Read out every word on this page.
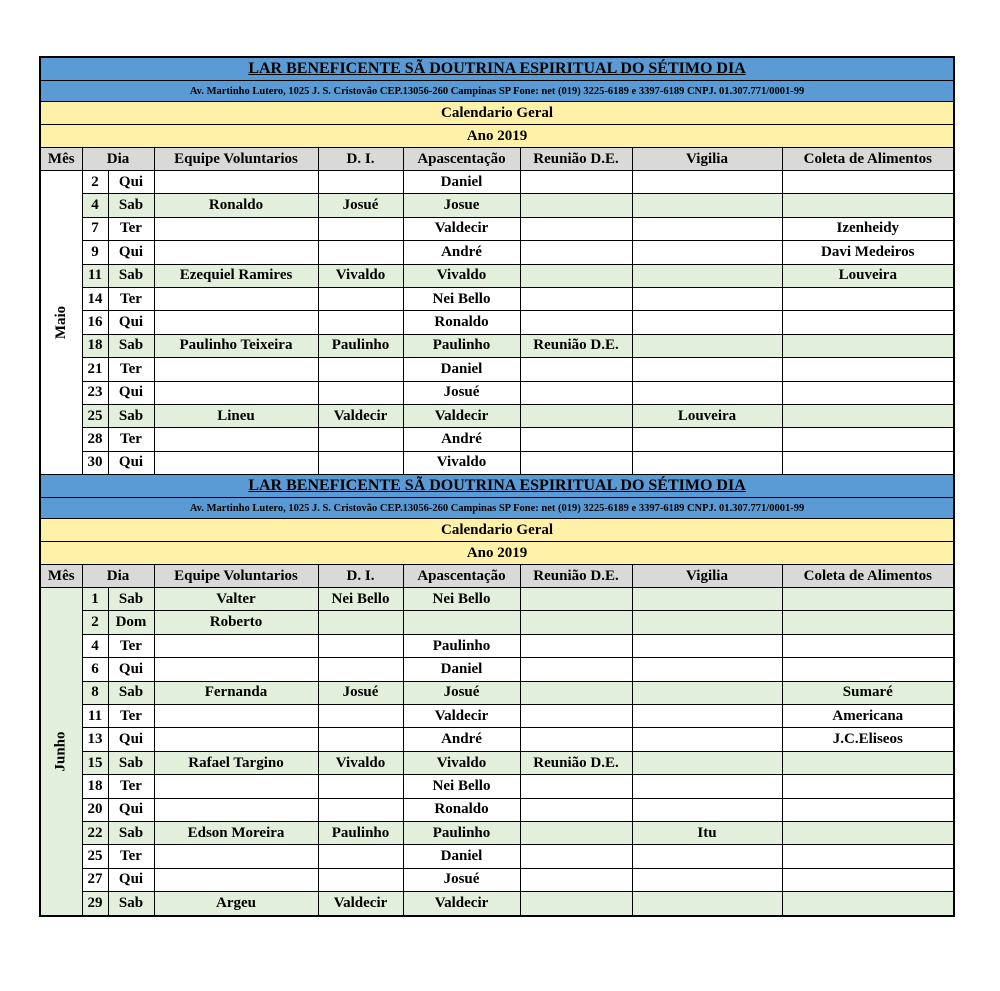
LAR BENEFICENTE SÃ DOUTRINA ESPIRITUAL DO SÉTIMO DIA								
Av. Martinho Lutero, 1025 J. S. Cristovão CEP.13056-260 Campinas SP Fone: net (019) 3225-6189 e 3397-6189 CNPJ. 01.307.771/0001-99								
Calendario Geral								
Ano 2019								
Mês	Dia		Equipe Voluntarios	D. I.	Apascentação	Reunião D.E.	Vigilia	Coleta de Alimentos
Maio	2	Qui			Daniel			
	4	Sab	Ronaldo	Josué	Josue			
	7	Ter			Valdecir			Izenheidy
	9	Qui			André			Davi Medeiros
	11	Sab	Ezequiel Ramires	Vivaldo	Vivaldo			Louveira
	14	Ter			Nei Bello			
	16	Qui			Ronaldo			
	18	Sab	Paulinho Teixeira	Paulinho	Paulinho	Reunião D.E.		
	21	Ter			Daniel			
	23	Qui			Josué			
	25	Sab	Lineu	Valdecir	Valdecir		Louveira	
	28	Ter			André			
	30	Qui			Vivaldo			
LAR BENEFICENTE SÃ DOUTRINA ESPIRITUAL DO SÉTIMO DIA								
Av. Martinho Lutero, 1025 J. S. Cristovão CEP.13056-260 Campinas SP Fone: net (019) 3225-6189 e 3397-6189 CNPJ. 01.307.771/0001-99								
Calendario Geral								
Ano 2019								
Mês	Dia		Equipe Voluntarios	D. I.	Apascentação	Reunião D.E.	Vigilia	Coleta de Alimentos
Junho	1	Sab	Valter	Nei Bello	Nei Bello			
	2	Dom	Roberto					
	4	Ter			Paulinho			
	6	Qui			Daniel			
	8	Sab	Fernanda	Josué	Josué			Sumaré
	11	Ter			Valdecir			Americana
	13	Qui			André			J.C.Eliseos
	15	Sab	Rafael Targino	Vivaldo	Vivaldo	Reunião D.E.		
	18	Ter			Nei Bello			
	20	Qui			Ronaldo			
	22	Sab	Edson Moreira	Paulinho	Paulinho		Itu	
	25	Ter			Daniel			
	27	Qui			Josué			
	29	Sab	Argeu	Valdecir	Valdecir			
